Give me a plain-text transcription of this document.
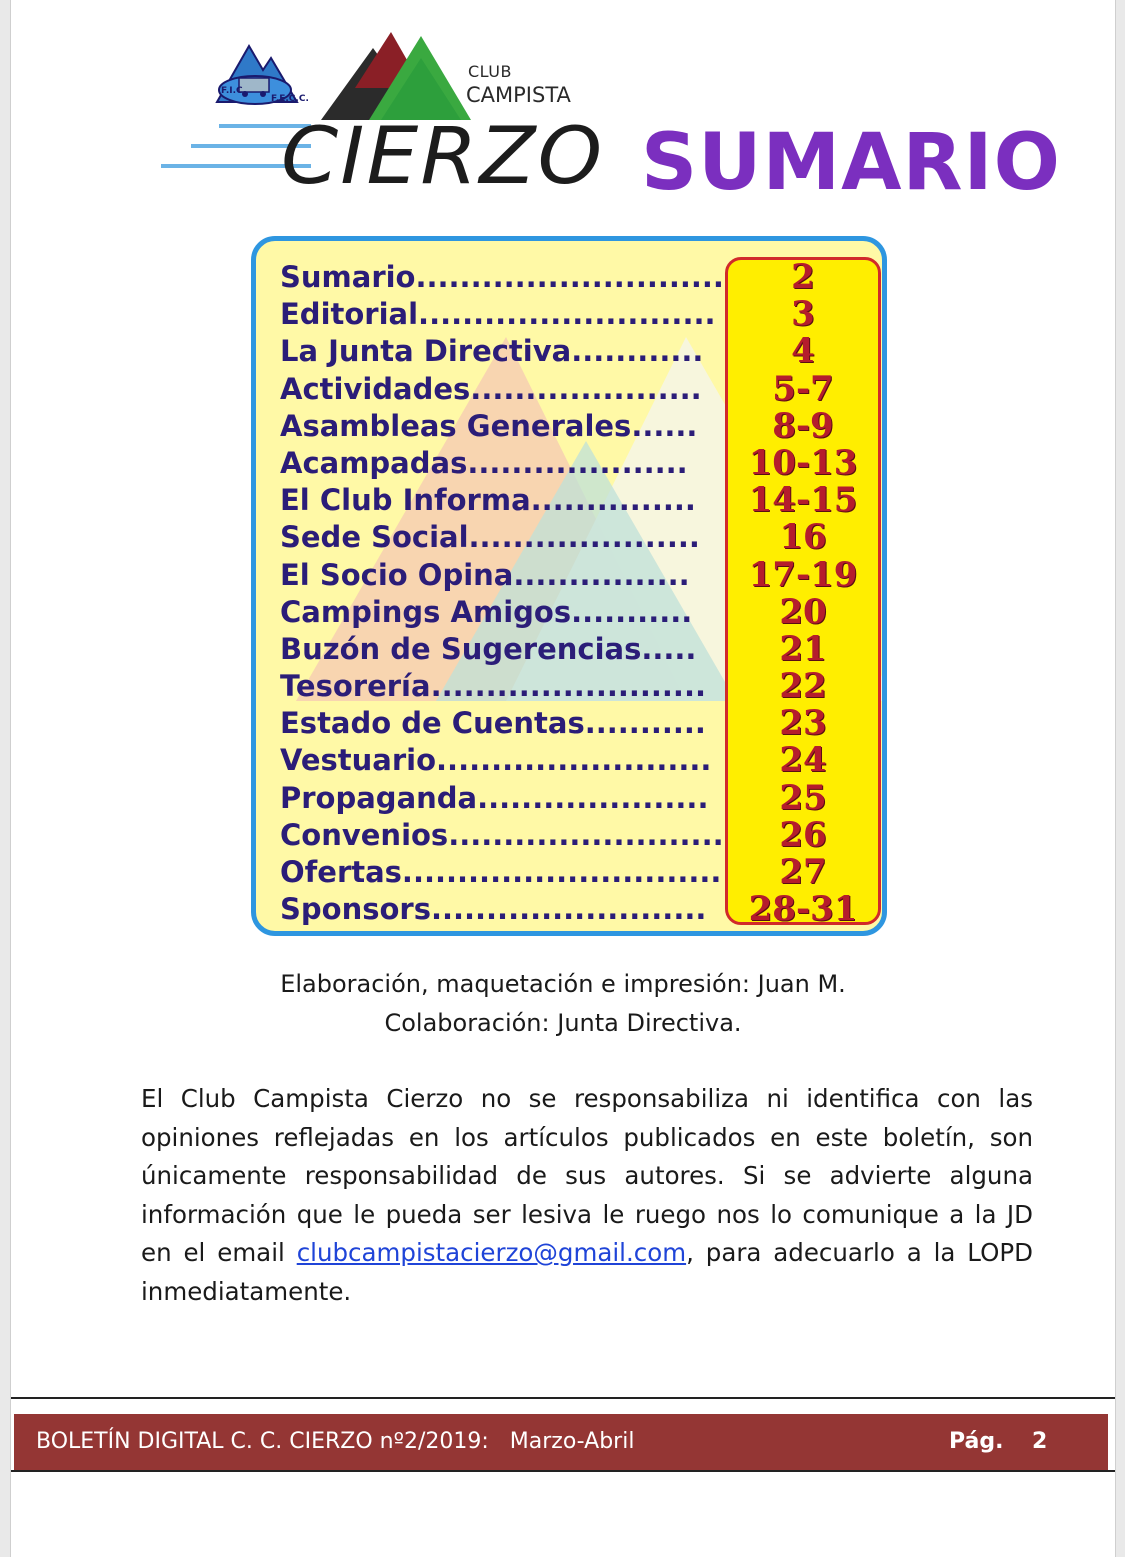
F.I.C.
F.E.C.C.
CLUB
CAMPISTA
CIERZO SUMARIO
Sumario............................	2
Editorial...........................	3
La Junta Directiva............	4
Actividades.....................	5-7
Asambleas Generales......	8-9
Acampadas....................	10-13
El Club Informa...............	14-15
Sede Social.....................	16
El Socio Opina................	17-19
Campings Amigos...........	20
Buzón de Sugerencias.....	21
Tesorería.........................	22
Estado de Cuentas...........	23
Vestuario.........................	24
Propaganda.....................	25
Convenios.........................	26
Ofertas.............................	27
Sponsors.........................	28-31
Elaboración, maquetación e impresión: Juan M.
Colaboración: Junta Directiva.

El Club Campista Cierzo no se responsabiliza ni identifica con las opiniones reflejadas en los artículos publicados en este boletín, son únicamente responsabilidad de sus autores. Si se advierte alguna información que le pueda ser lesiva le ruego nos lo comunique a la JD en el email clubcampistacierzo@gmail.com, para adecuarlo a la LOPD inmediatamente.

BOLETÍN DIGITAL C. C. CIERZO nº2/2019:   Marzo-Abril	Pág. 2
